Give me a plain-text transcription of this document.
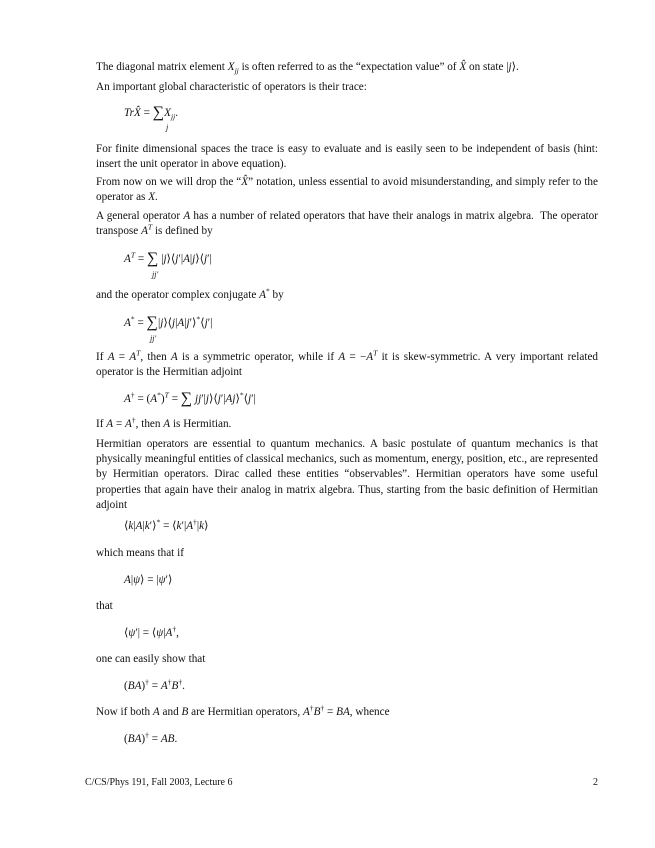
The diagonal matrix element $X_{jj}$ is often referred to as the “expectation value” of X̂ on state |j⟩.

An important global characteristic of operators is their trace:

TrX̂ = $\sum X_{jj}$.
j

For finite dimensional spaces the trace is easy to evaluate and is easily seen to be independent of basis (hint: insert the unit operator in above equation).

From now on we will drop the “X̂” notation, unless essential to avoid misunderstanding, and simply refer to the operator as X.

A general operator A has a number of related operators that have their analogs in matrix algebra.  The operator transpose $A^T$ is defined by

$A^T$ = ∑ |j⟩⟨j′|A|j⟩⟨j′|
jj′

and the operator complex conjugate A* by

A* = ∑|j⟩⟨j|A|j′⟩*⟨j′|
jj′

If $A = A^T$, then A is a symmetric operator, while if $A = -A^T$ it is skew-symmetric. A very important related operator is the Hermitian adjoint

$A^\dagger = (A^*)^T$ = ∑ jj′|j⟩⟨j′|Aj⟩*⟨j′|

If A = A†, then A is Hermitian.

Hermitian operators are essential to quantum mechanics. A basic postulate of quantum mechanics is that physically meaningful entities of classical mechanics, such as momentum, energy, position, etc., are represented by Hermitian operators. Dirac called these entities “observables”. Hermitian operators have some useful properties that again have their analog in matrix algebra. Thus, starting from the basic definition of Hermitian adjoint

⟨k|A|k′⟩* = ⟨k′|A†|k⟩

which means that if

A|ψ⟩ = |ψ′⟩

that

⟨ψ′| = ⟨ψ|A†,

one can easily show that

(BA)† = A†B†.

Now if both A and B are Hermitian operators, A†B† = BA, whence

(BA)† = AB.
C/CS/Phys 191, Fall 2003, Lecture 6	2
